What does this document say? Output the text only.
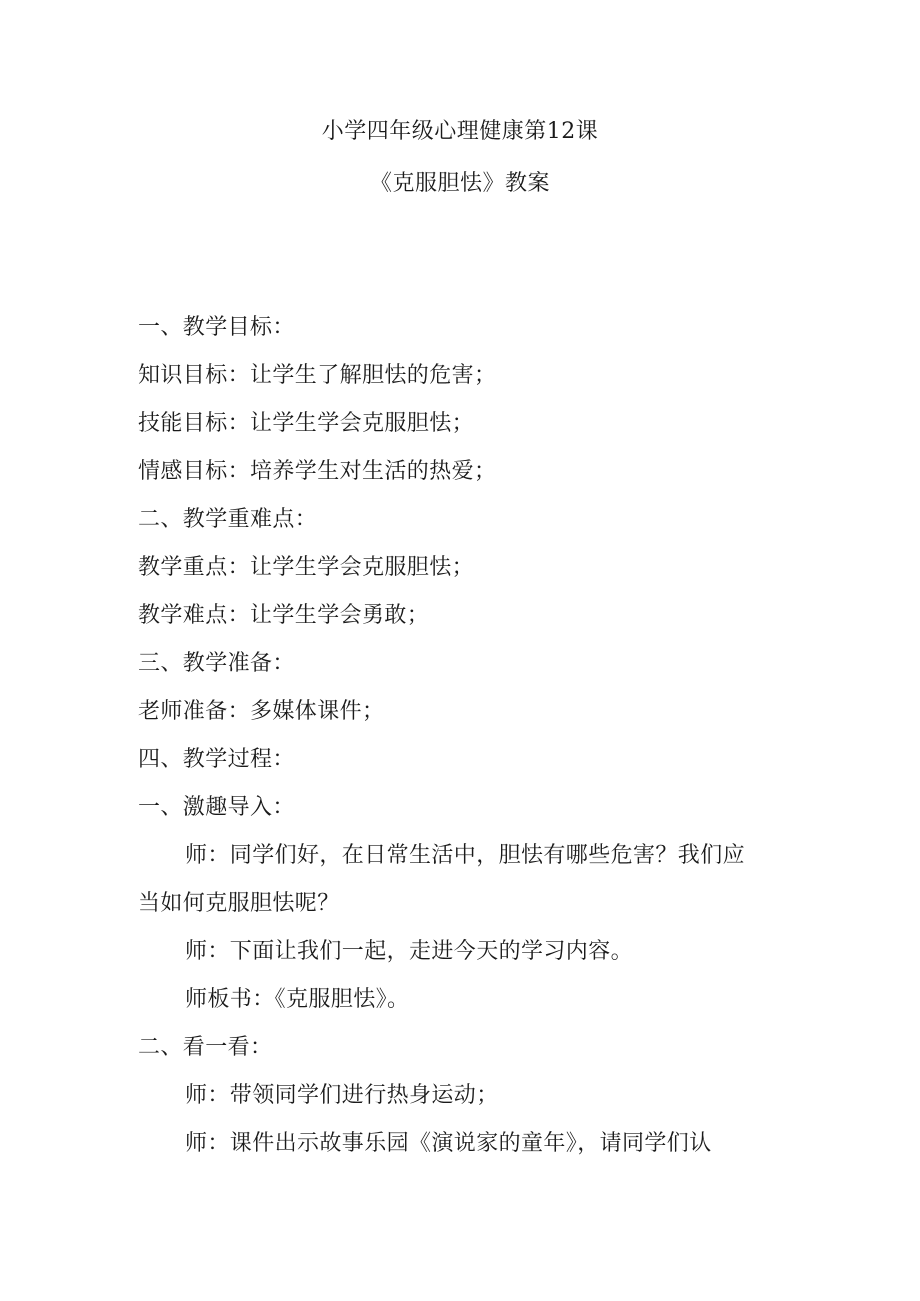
小学四年级心理健康第12课
《克服胆怯》教案
一、教学目标：
知识目标：让学生了解胆怯的危害；
技能目标：让学生学会克服胆怯；
情感目标：培养学生对生活的热爱；
二、教学重难点：
教学重点：让学生学会克服胆怯；
教学难点：让学生学会勇敢；
三、教学准备：
老师准备：多媒体课件；
四、教学过程：
一、激趣导入：
师：同学们好，在日常生活中，胆怯有哪些危害？我们应
当如何克服胆怯呢？
师：下面让我们一起，走进今天的学习内容。
师板书：《克服胆怯》。
二、看一看：
师：带领同学们进行热身运动；
师：课件出示故事乐园《演说家的童年》，请同学们认
